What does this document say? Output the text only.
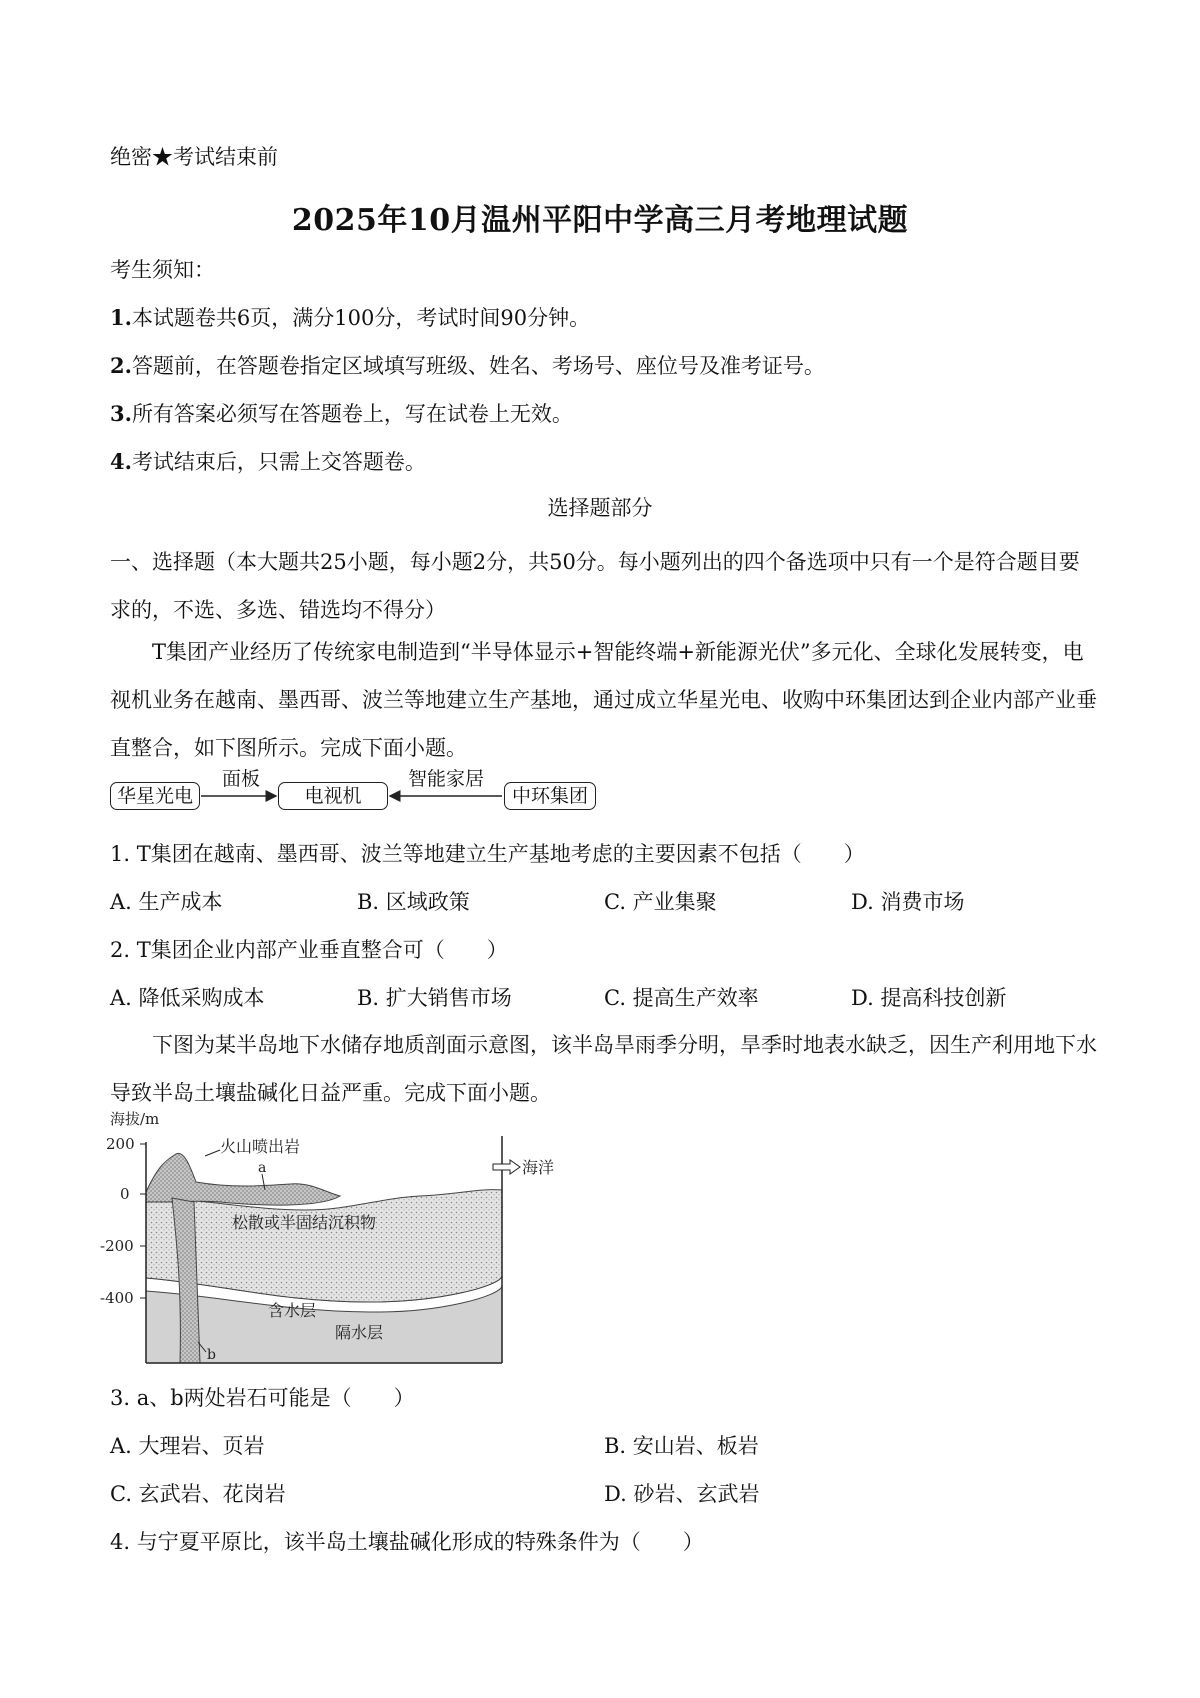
绝密★考试结束前
2025年10月温州平阳中学高三月考地理试题
考生须知：
1.本试题卷共6页，满分100分，考试时间90分钟。
2.答题前，在答题卷指定区域填写班级、姓名、考场号、座位号及准考证号。
3.所有答案必须写在答题卷上，写在试卷上无效。
4.考试结束后，只需上交答题卷。
选择题部分
一、选择题（本大题共25小题，每小题2分，共50分。每小题列出的四个备选项中只有一个是符合题目要求的，不选、多选、错选均不得分）
T集团产业经历了传统家电制造到“半导体显示+智能终端+新能源光伏”多元化、全球化发展转变，电视机业务在越南、墨西哥、波兰等地建立生产基地，通过成立华星光电、收购中环集团达到企业内部产业垂直整合，如下图所示。完成下面小题。
华星光电	电视机	中环集团
面板	智能家居
1. T集团在越南、墨西哥、波兰等地建立生产基地考虑的主要因素不包括（　　）
A. 生产成本	B. 区域政策	C. 产业集聚	D. 消费市场
2. T集团企业内部产业垂直整合可（　　）
A. 降低采购成本	B. 扩大销售市场	C. 提高生产效率	D. 提高科技创新
下图为某半岛地下水储存地质剖面示意图，该半岛旱雨季分明，旱季时地表水缺乏，因生产利用地下水导致半岛土壤盐碱化日益严重。完成下面小题。
海拔/m
200
0
-200
-400
火山喷出岩
a
b
海洋
松散或半固结沉积物
含水层
隔水层
3. a、b两处岩石可能是（　　）
A. 大理岩、页岩	B. 安山岩、板岩
C. 玄武岩、花岗岩	D. 砂岩、玄武岩
4. 与宁夏平原比，该半岛土壤盐碱化形成的特殊条件为（　　）
